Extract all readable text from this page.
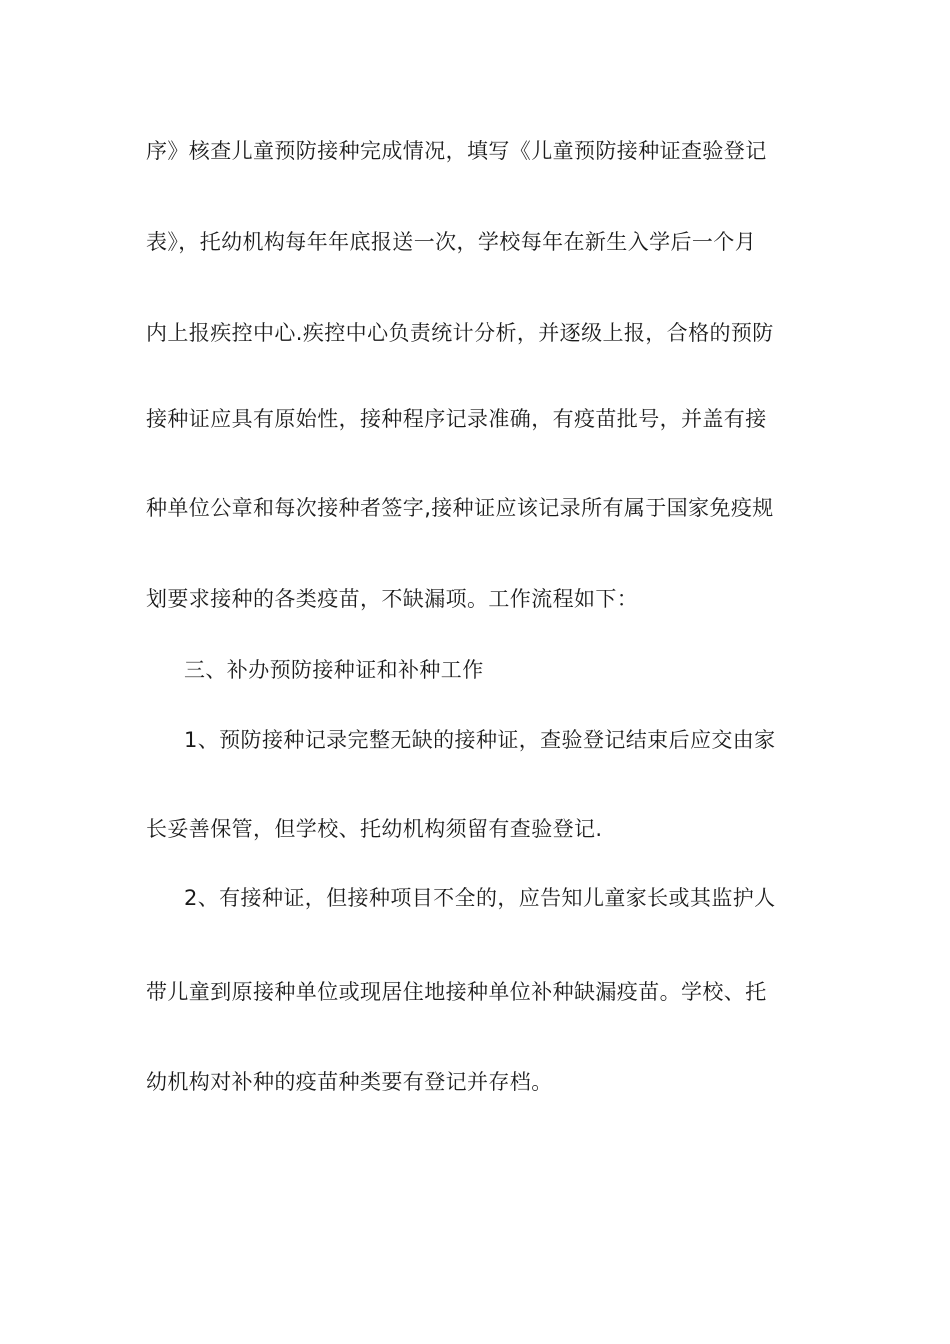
序》核查儿童预防接种完成情况，填写《儿童预防接种证查验登记
表》，托幼机构每年年底报送一次，学校每年在新生入学后一个月
内上报疾控中心.疾控中心负责统计分析，并逐级上报，合格的预防
接种证应具有原始性，接种程序记录准确，有疫苗批号，并盖有接
种单位公章和每次接种者签字,接种证应该记录所有属于国家免疫规
划要求接种的各类疫苗，不缺漏项。工作流程如下：
三、补办预防接种证和补种工作
1、预防接种记录完整无缺的接种证，查验登记结束后应交由家
长妥善保管，但学校、托幼机构须留有查验登记.
2、有接种证，但接种项目不全的，应告知儿童家长或其监护人
带儿童到原接种单位或现居住地接种单位补种缺漏疫苗。学校、托
幼机构对补种的疫苗种类要有登记并存档。
